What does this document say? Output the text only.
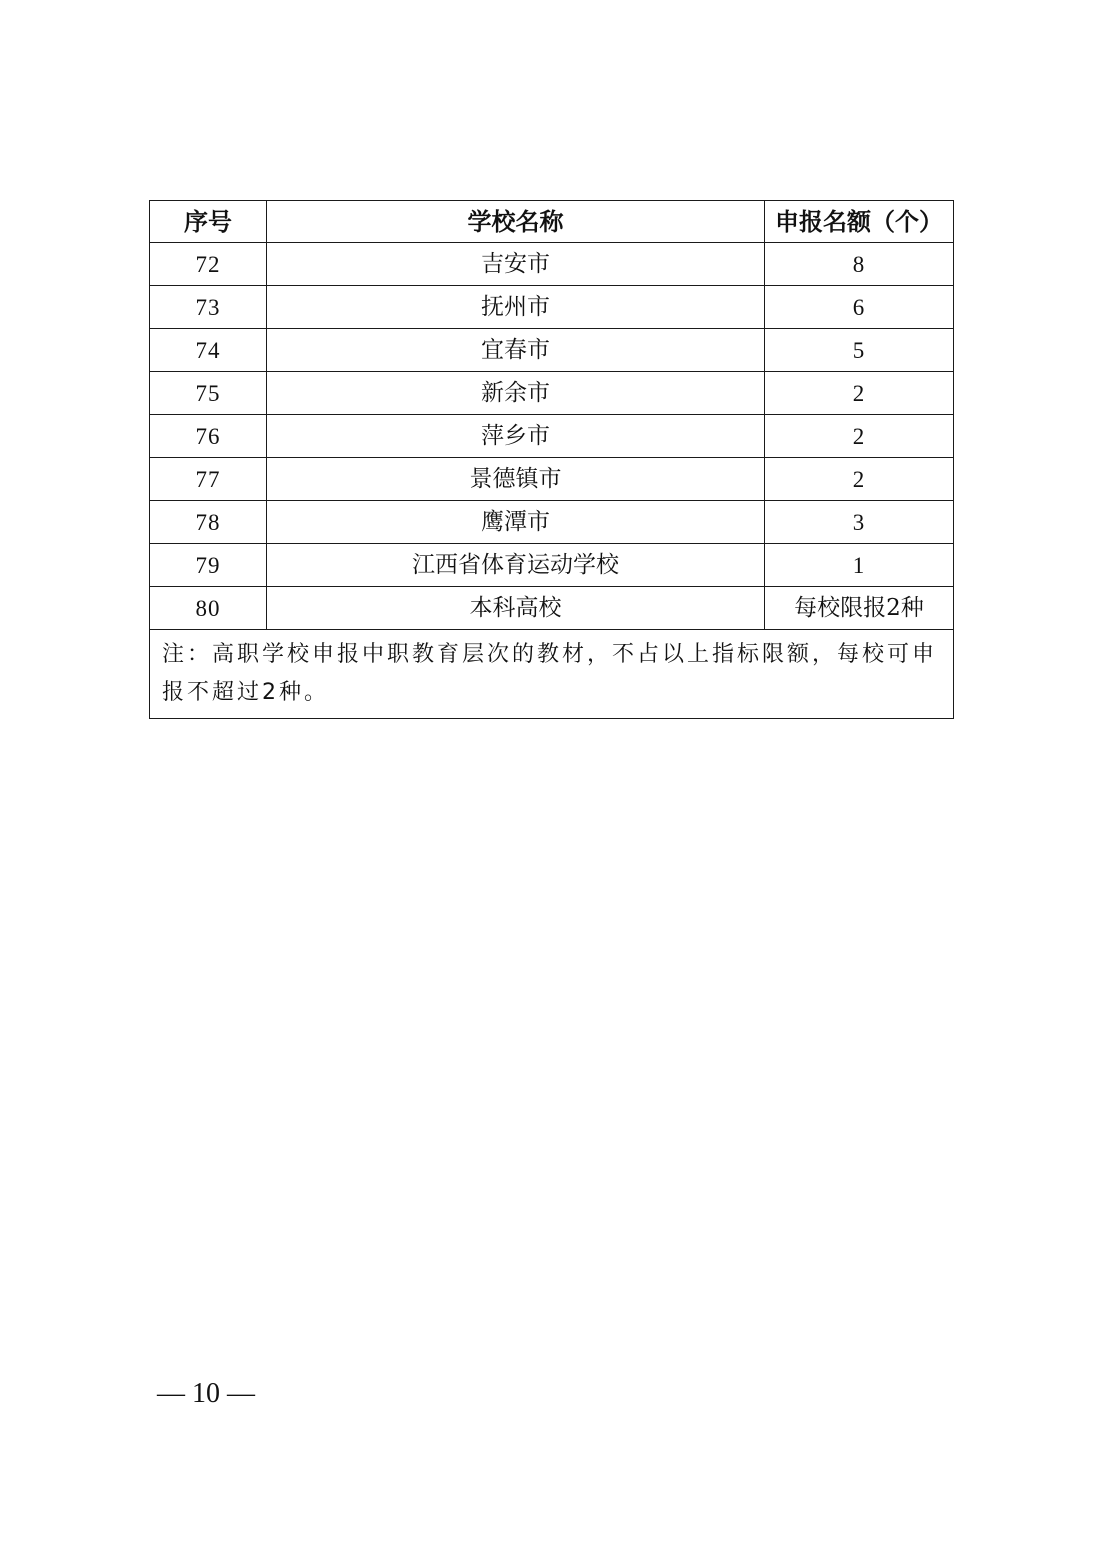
序号	学校名称	申报名额（个）
72	吉安市	8
73	抚州市	6
74	宜春市	5
75	新余市	2
76	萍乡市	2
77	景德镇市	2
78	鹰潭市	3
79	江西省体育运动学校	1
80	本科高校	每校限报2种
注：高职学校申报中职教育层次的教材，不占以上指标限额，每校可申报不超过2种。		
— 10 —
